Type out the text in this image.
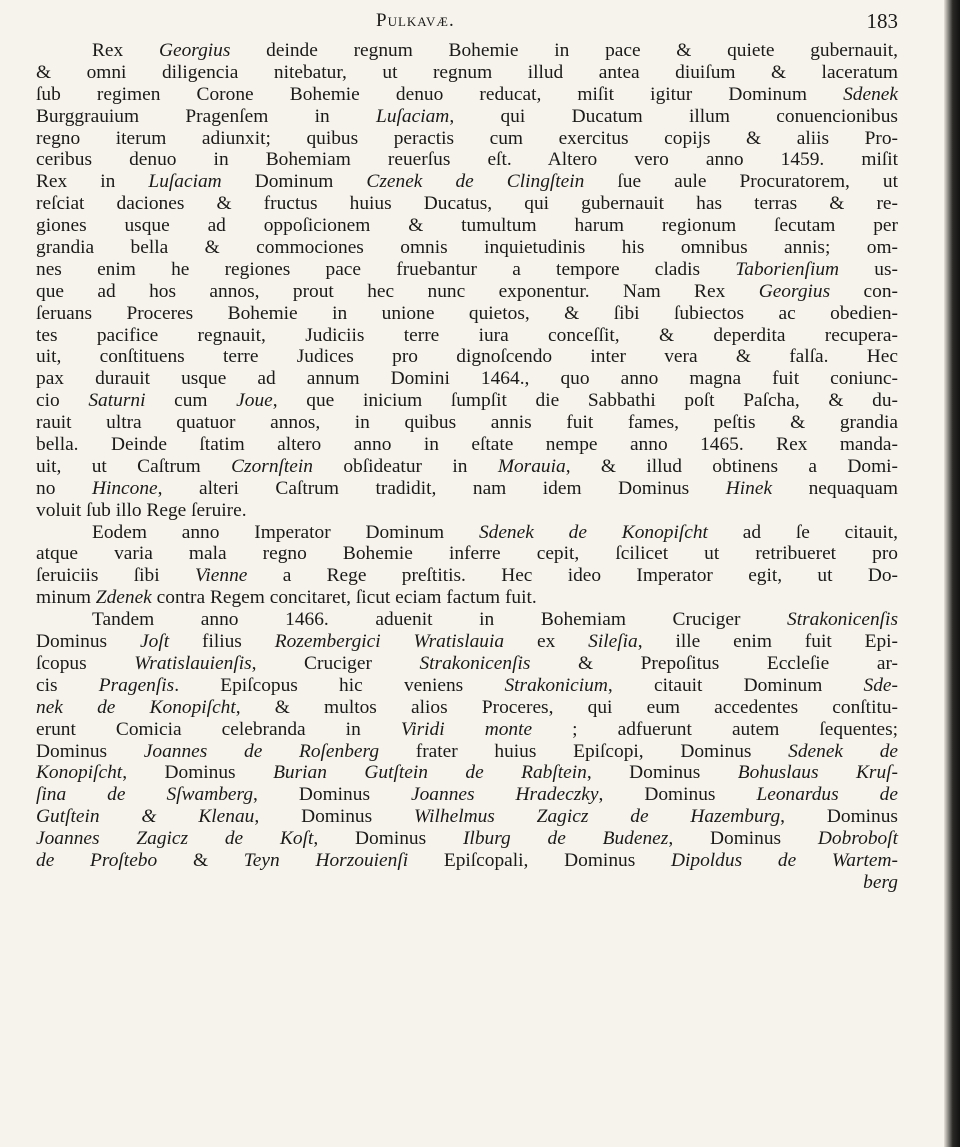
Pulkavæ.	183
Rex Georgius deinde regnum Bohemie in pace & quiete gubernauit,
& omni diligencia nitebatur, ut regnum illud antea diuiſum & laceratum
ſub regimen Corone Bohemie denuo reducat, miſit igitur Dominum Sdenek
Burggrauium Pragenſem in Luſaciam, qui Ducatum illum conuencionibus
regno iterum adiunxit; quibus peractis cum exercitus copijs & aliis Pro-
ceribus denuo in Bohemiam reuerſus eſt. Altero vero anno 1459. miſit
Rex in Luſaciam Dominum Czenek de Clingſtein ſue aule Procuratorem, ut
reſciat daciones & fructus huius Ducatus, qui gubernauit has terras & re-
giones usque ad oppoſicionem & tumultum harum regionum ſecutam per
grandia bella & commociones omnis inquietudinis his omnibus annis; om-
nes enim he regiones pace fruebantur a tempore cladis Taborienſium us-
que ad hos annos, prout hec nunc exponentur. Nam Rex Georgius con-
ſeruans Proceres Bohemie in unione quietos, & ſibi ſubiectos ac obedien-
tes pacifice regnauit, Judiciis terre iura conceſſit, & deperdita recupera-
uit, conſtituens terre Judices pro dignoſcendo inter vera & falſa. Hec
pax durauit usque ad annum Domini 1464., quo anno magna fuit coniunc-
cio Saturni cum Joue, que inicium ſumpſit die Sabbathi poſt Paſcha, & du-
rauit ultra quatuor annos, in quibus annis fuit fames, peſtis & grandia
bella. Deinde ſtatim altero anno in eſtate nempe anno 1465. Rex manda-
uit, ut Caſtrum Czornſtein obſideatur in Morauia, & illud obtinens a Domi-
no Hincone, alteri Caſtrum tradidit, nam idem Dominus Hinek nequaquam
voluit ſub illo Rege ſeruire.
Eodem anno Imperator Dominum Sdenek de Konopiſcht ad ſe citauit,
atque varia mala regno Bohemie inferre cepit, ſcilicet ut retribueret pro
ſeruiciis ſibi Vienne a Rege preſtitis. Hec ideo Imperator egit, ut Do-
minum Zdenek contra Regem concitaret, ſicut eciam factum fuit.
Tandem anno 1466. aduenit in Bohemiam Cruciger Strakonicenſis
Dominus Joſt filius Rozembergici Wratislauia ex Sileſia, ille enim fuit Epi-
ſcopus Wratislauienſis, Cruciger Strakonicenſis & Prepoſitus Eccleſie ar-
cis Pragenſis. Epiſcopus hic veniens Strakonicium, citauit Dominum Sde-
nek de Konopiſcht, & multos alios Proceres, qui eum accedentes conſtitu-
erunt Comicia celebranda in Viridi monte ; adfuerunt autem ſequentes;
Dominus Joannes de Roſenberg frater huius Epiſcopi, Dominus Sdenek de
Konopiſcht, Dominus Burian Gutſtein de Rabſtein, Dominus Bohuslaus Kruſ-
ſina de Sſwamberg, Dominus Joannes Hradeczky, Dominus Leonardus de
Gutſtein & Klenau, Dominus Wilhelmus Zagicz de Hazemburg, Dominus
Joannes Zagicz de Koſt, Dominus Ilburg de Budenez, Dominus Dobroboſt
de Proſtebo & Teyn Horzouienſi Epiſcopali, Dominus Dipoldus de Wartem-
berg
